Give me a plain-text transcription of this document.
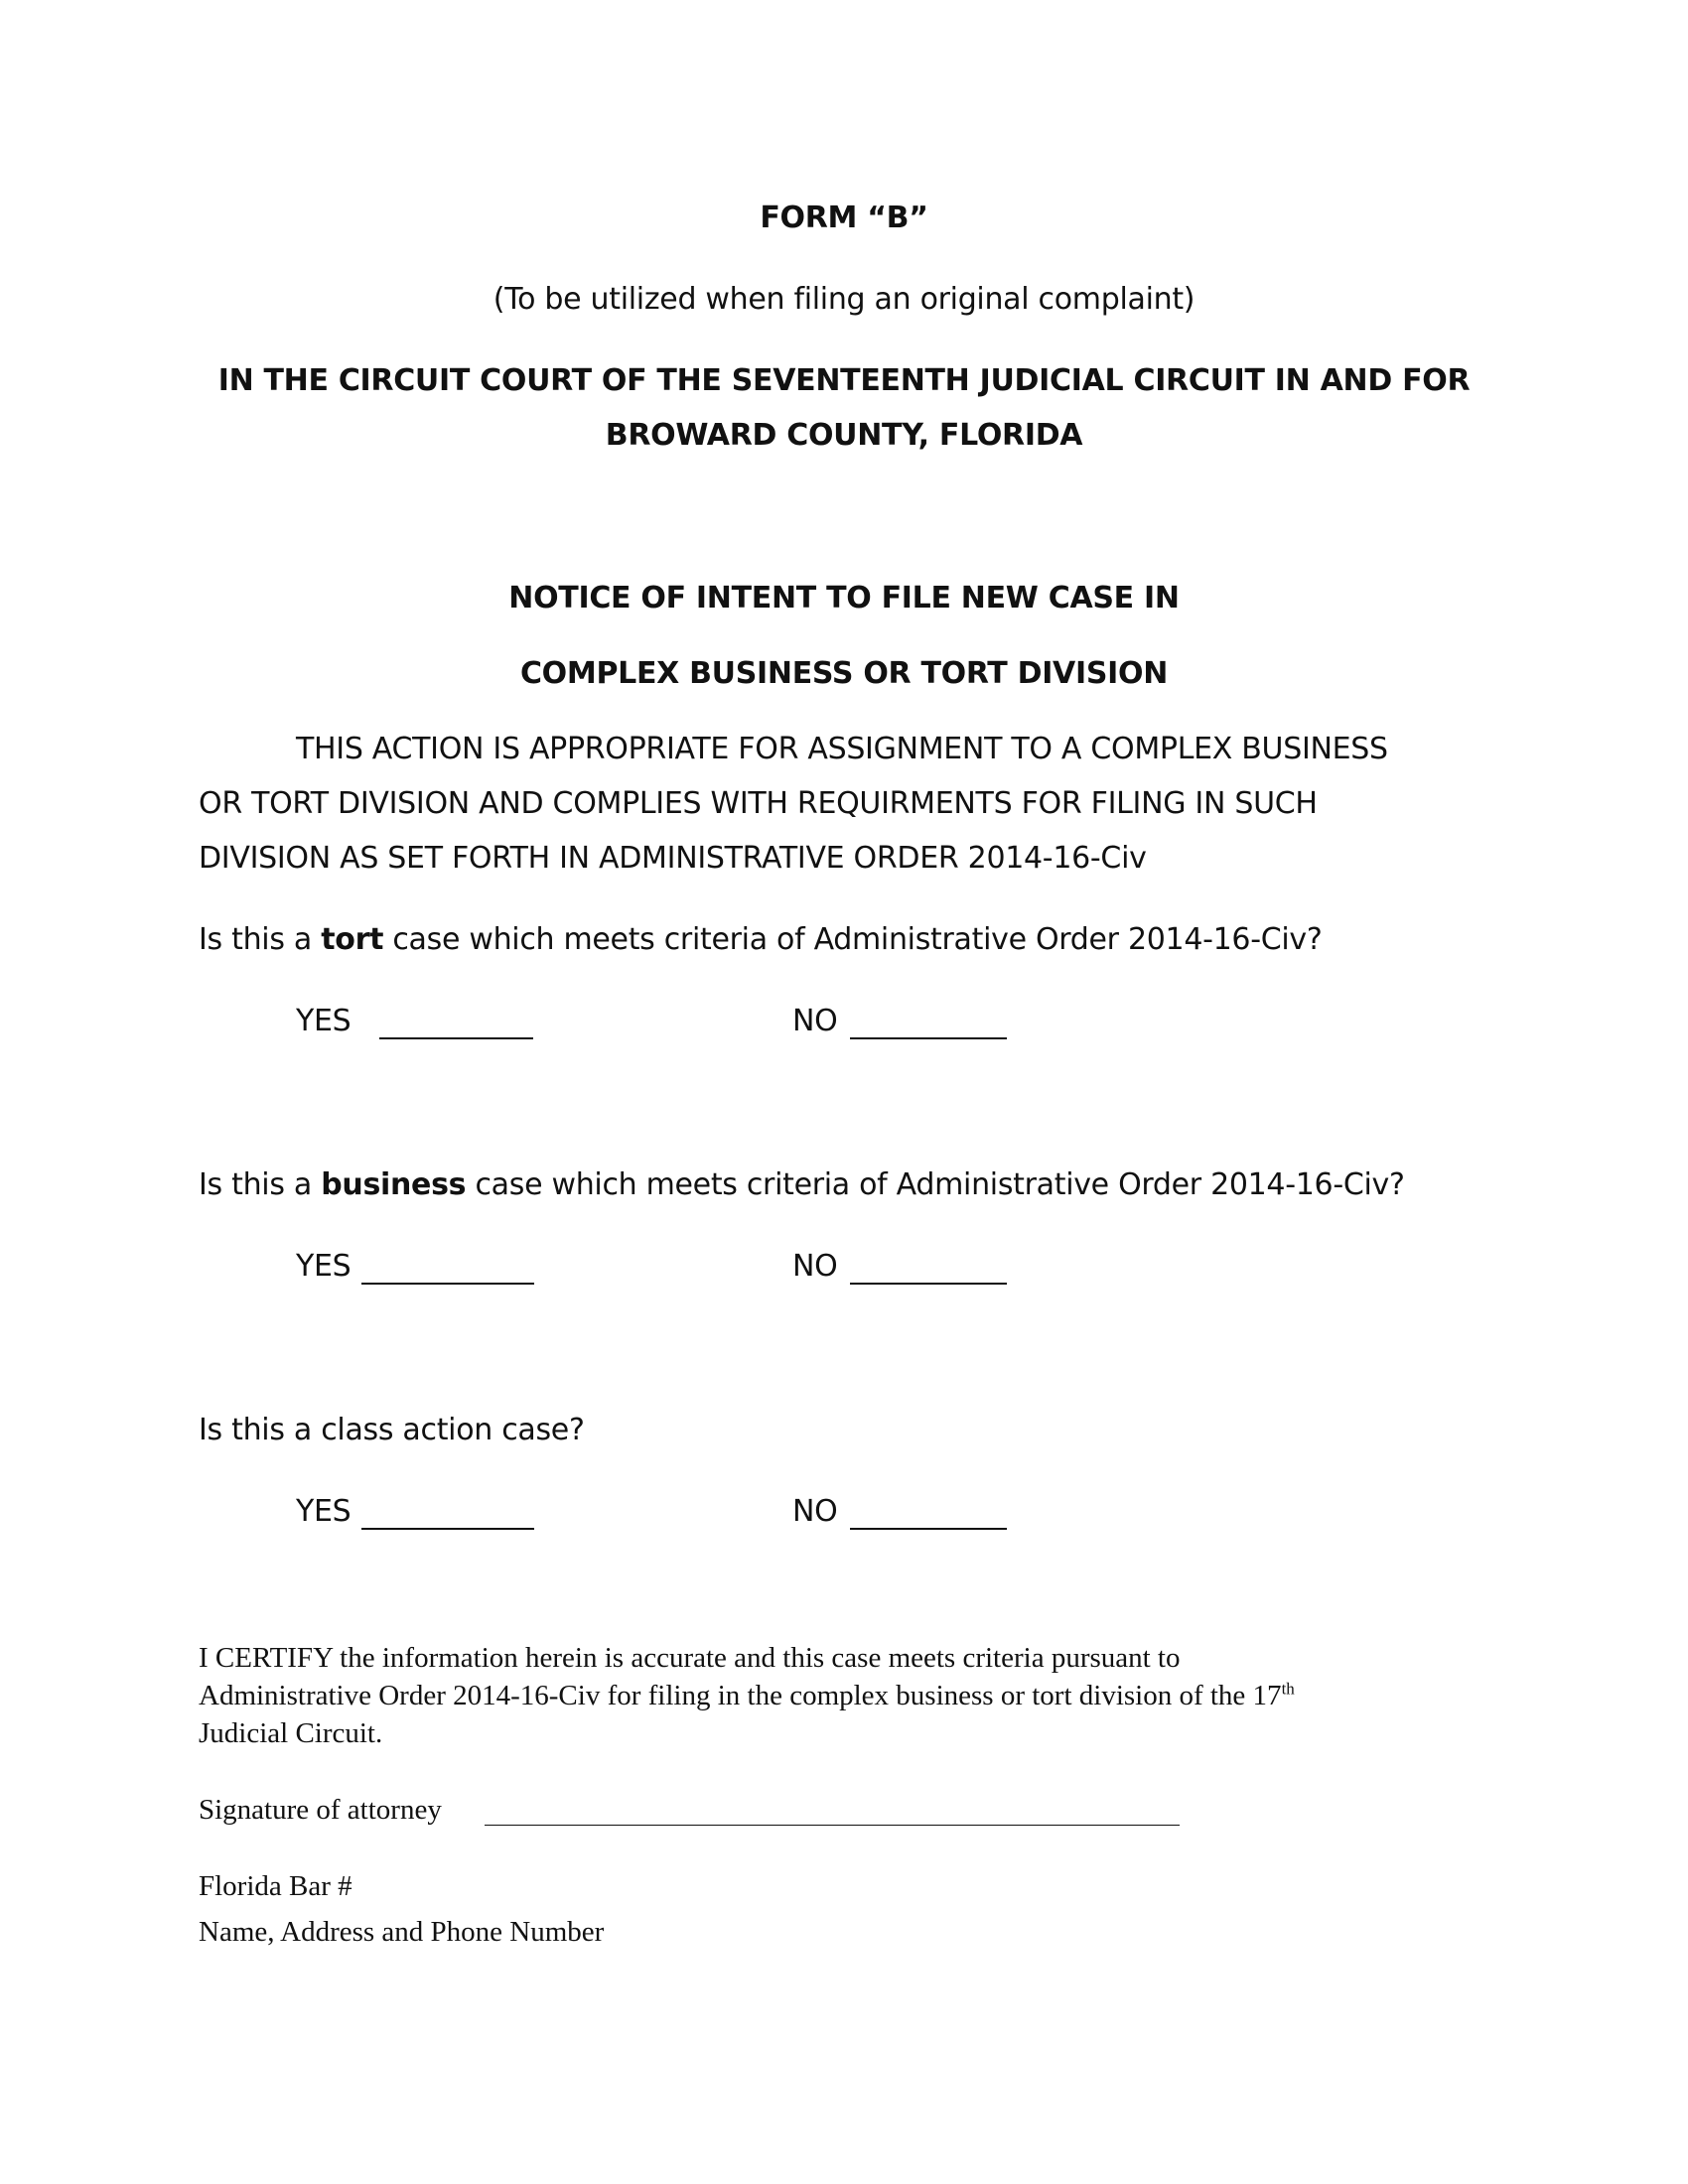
FORM “B”
(To be utilized when filing an original complaint)
IN THE CIRCUIT COURT OF THE SEVENTEENTH JUDICIAL CIRCUIT IN AND FOR
BROWARD COUNTY, FLORIDA
NOTICE OF INTENT TO FILE NEW CASE IN
COMPLEX BUSINESS OR TORT DIVISION
THIS ACTION IS APPROPRIATE FOR ASSIGNMENT TO A COMPLEX BUSINESS
OR TORT DIVISION AND COMPLIES WITH REQUIRMENTS FOR FILING IN SUCH
DIVISION AS SET FORTH IN ADMINISTRATIVE ORDER 2014-16-Civ
Is this a tort case which meets criteria of Administrative Order 2014-16-Civ?
YES	NO
Is this a business case which meets criteria of Administrative Order 2014-16-Civ?
YES	NO
Is this a class action case?
YES	NO
I CERTIFY the information herein is accurate and this case meets criteria pursuant to
Administrative Order 2014-16-Civ for filing in the complex business or tort division of the 17th
Judicial Circuit.
Signature of attorney
Florida Bar #
Name, Address and Phone Number
